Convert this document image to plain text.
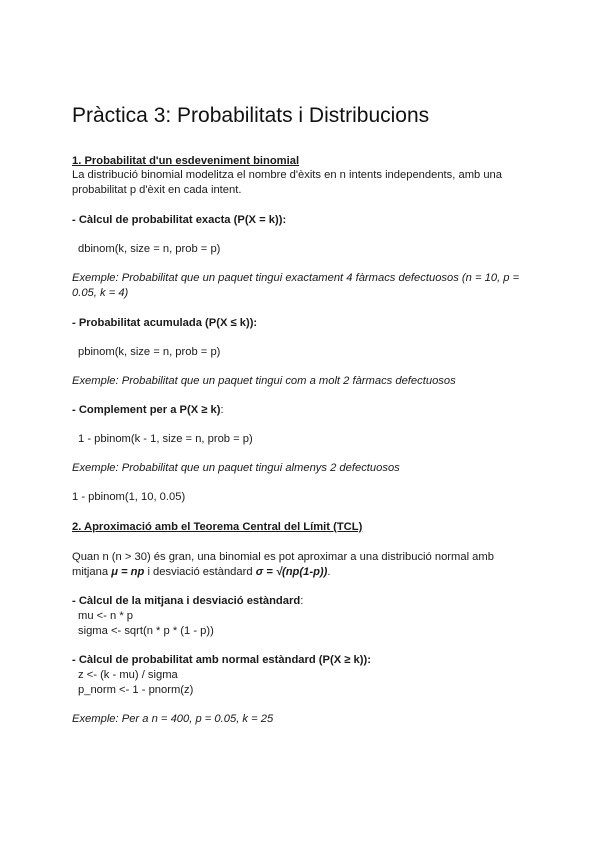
Pràctica 3: Probabilitats i Distribucions
1. Probabilitat d'un esdeveniment binomial
La distribució binomial modelitza el nombre d'èxits en n intents independents, amb una
probabilitat p d'èxit en cada intent.
- Càlcul de probabilitat exacta (P(X = k)):
dbinom(k, size = n, prob = p)
Exemple: Probabilitat que un paquet tingui exactament 4 fàrmacs defectuosos (n = 10, p =
0.05, k = 4)
- Probabilitat acumulada (P(X ≤ k)):
pbinom(k, size = n, prob = p)
Exemple: Probabilitat que un paquet tingui com a molt 2 fàrmacs defectuosos
- Complement per a P(X ≥ k):
1 - pbinom(k - 1, size = n, prob = p)
Exemple: Probabilitat que un paquet tingui almenys 2 defectuosos
1 - pbinom(1, 10, 0.05)
2. Aproximació amb el Teorema Central del Límit (TCL)
Quan n (n > 30) és gran, una binomial es pot aproximar a una distribució normal amb
mitjana μ = np i desviació estàndard σ = √(np(1-p)).
- Càlcul de la mitjana i desviació estàndard:
mu <- n * p
sigma <- sqrt(n * p * (1 - p))
- Càlcul de probabilitat amb normal estàndard (P(X ≥ k)):
z <- (k - mu) / sigma
p_norm <- 1 - pnorm(z)
Exemple: Per a n = 400, p = 0.05, k = 25
